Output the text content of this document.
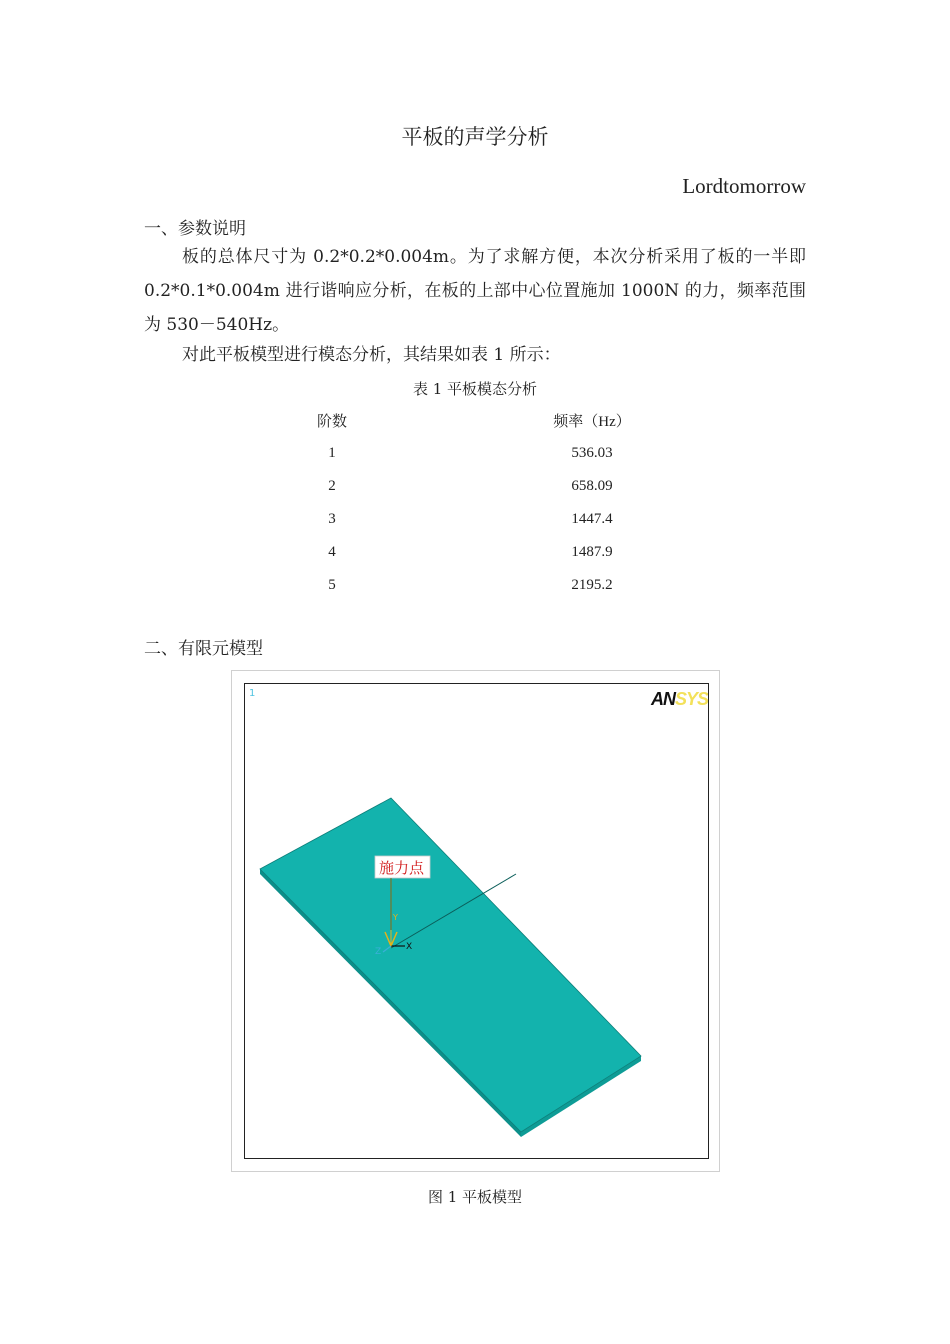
平板的声学分析
Lordtomorrow
一、参数说明
板的总体尺寸为 0.2*0.2*0.004m。为了求解方便，本次分析采用了板的一半即 0.2*0.1*0.004m 进行谐响应分析，在板的上部中心位置施加 1000N 的力，频率范围为 530－540Hz。
对此平板模型进行模态分析，其结果如表 1 所示：
表 1 平板模态分析
阶数		频率（Hz）
1		536.03
2		658.09
3		1447.4
4		1487.9
5		2195.2
二、有限元模型
1	ANSYS
施力点
X
Z
Y
图 1 平板模型
